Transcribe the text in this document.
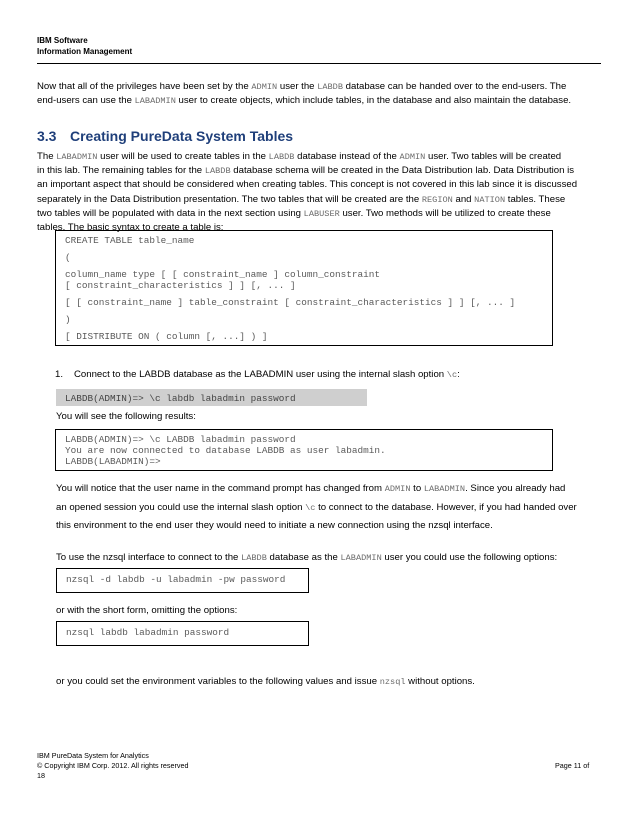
IBM Software
Information Management
Now that all of the privileges have been set by the ADMIN user the LABDB database can be handed over to the end-users. The
end-users can use the LABADMIN user to create objects, which include tables, in the database and also maintain the database.
3.3 Creating PureData System Tables
The LABADMIN user will be used to create tables in the LABDB database instead of the ADMIN user. Two tables will be created
in this lab. The remaining tables for the LABDB database schema will be created in the Data Distribution lab. Data Distribution is
an important aspect that should be considered when creating tables. This concept is not covered in this lab since it is discussed
separately in the Data Distribution presentation. The two tables that will be created are the REGION and NATION tables. These
two tables will be populated with data in the next section using LABUSER user. Two methods will be utilized to create these
tables. The basic syntax to create a table is:
CREATE TABLE table_name
(
column_name type [ [ constraint_name ] column_constraint
[ constraint_characteristics ] ] [, ... ]
[ [ constraint_name ] table_constraint [ constraint_characteristics ] ] [, ... ]
)
[ DISTRIBUTE ON ( column [, ...] ) ]
1. Connect to the LABDB database as the LABADMIN user using the internal slash option \c:
LABDB(ADMIN)=> \c labdb labadmin password
You will see the following results:
LABDB(ADMIN)=> \c LABDB labadmin password
You are now connected to database LABDB as user labadmin.
LABDB(LABADMIN)=>
You will notice that the user name in the command prompt has changed from ADMIN to LABADMIN. Since you already had
an opened session you could use the internal slash option \c to connect to the database. However, if you had handed over
this environment to the end user they would need to initiate a new connection using the nzsql interface.
To use the nzsql interface to connect to the LABDB database as the LABADMIN user you could use the following options:
nzsql -d labdb -u labadmin -pw password
or with the short form, omitting the options:
nzsql labdb labadmin password
or you could set the environment variables to the following values and issue nzsql without options.
IBM PureData System for Analytics
© Copyright IBM Corp. 2012. All rights reserved	Page 11 of
18
